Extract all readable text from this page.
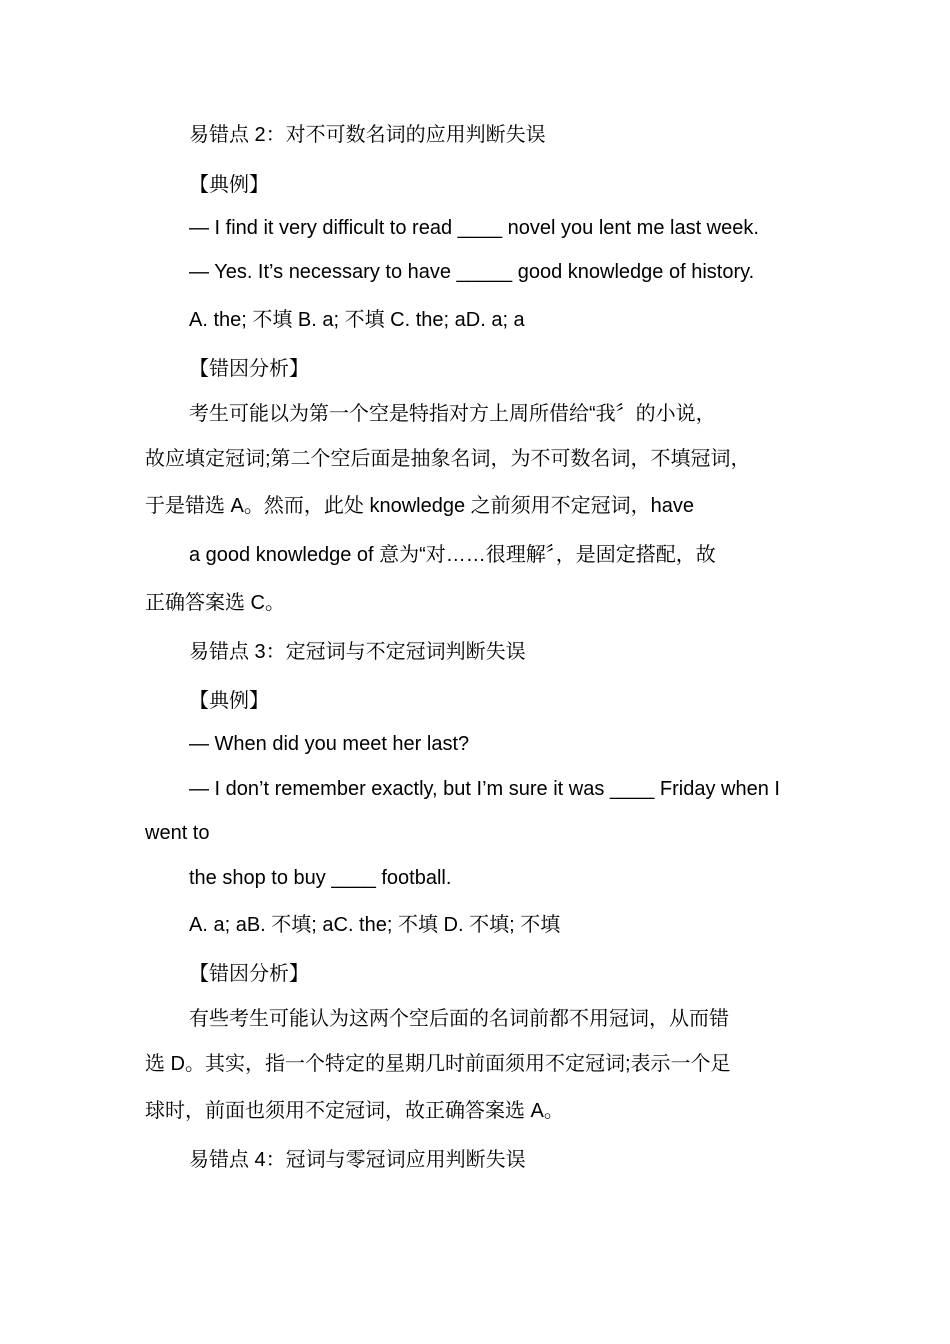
易错点 2：对不可数名词的应用判断失误
【典例】
— I find it very difficult to read ____ novel you lent me last week.
— Yes. It’s necessary to have _____ good knowledge of history.
A. the; 不填 B. a; 不填 C. the; aD. a; a
【错因分析】
考生可能以为第一个空是特指对方上周所借给“我〞的小说，
故应填定冠词;第二个空后面是抽象名词，为不可数名词，不填冠词，
于是错选 A。然而，此处 knowledge 之前须用不定冠词，have
a good knowledge of 意为“对……很理解〞，是固定搭配，故
正确答案选 C。
易错点 3：定冠词与不定冠词判断失误
【典例】
— When did you meet her last?
— I don’t remember exactly, but I’m sure it was ____ Friday when I
went to
the shop to buy ____ football.
A. a; aB. 不填; aC. the; 不填 D. 不填; 不填
【错因分析】
有些考生可能认为这两个空后面的名词前都不用冠词，从而错
选 D。其实，指一个特定的星期几时前面须用不定冠词;表示一个足
球时，前面也须用不定冠词，故正确答案选 A。
易错点 4：冠词与零冠词应用判断失误
